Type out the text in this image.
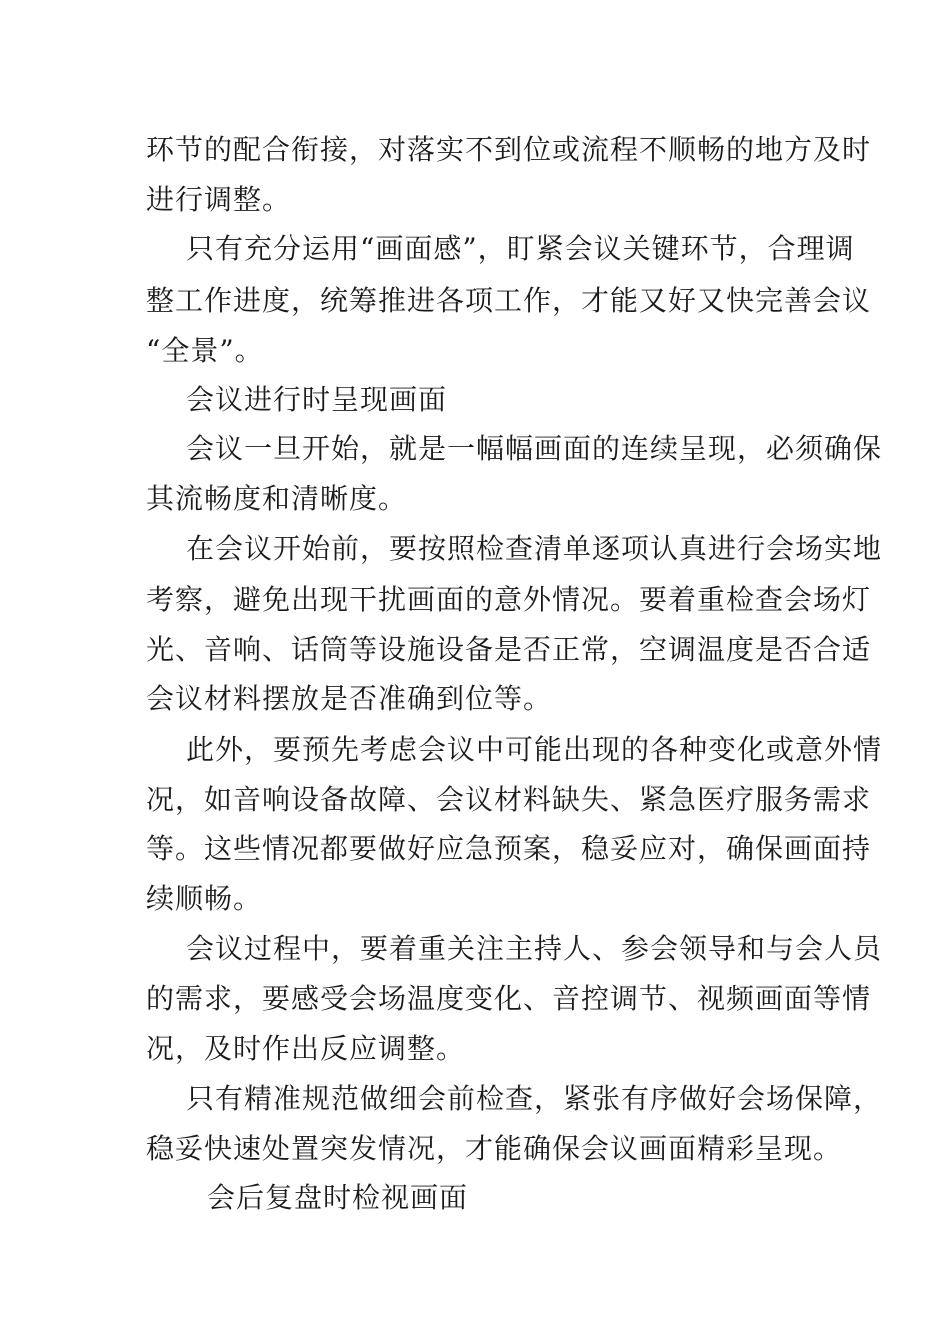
环节的配合衔接，对落实不到位或流程不顺畅的地方及时
进行调整。
只有充分运用“画面感”，盯紧会议关键环节，合理调
整工作进度，统筹推进各项工作，才能又好又快完善会议
“全景”。
会议进行时呈现画面
会议一旦开始，就是一幅幅画面的连续呈现，必须确保
其流畅度和清晰度。
在会议开始前，要按照检查清单逐项认真进行会场实地
考察，避免出现干扰画面的意外情况。要着重检查会场灯
光、音响、话筒等设施设备是否正常，空调温度是否合适
会议材料摆放是否准确到位等。
此外，要预先考虑会议中可能出现的各种变化或意外情
况，如音响设备故障、会议材料缺失、紧急医疗服务需求
等。这些情况都要做好应急预案，稳妥应对，确保画面持
续顺畅。
会议过程中，要着重关注主持人、参会领导和与会人员
的需求，要感受会场温度变化、音控调节、视频画面等情
况，及时作出反应调整。
只有精准规范做细会前检查，紧张有序做好会场保障，
稳妥快速处置突发情况，才能确保会议画面精彩呈现。
会后复盘时检视画面
